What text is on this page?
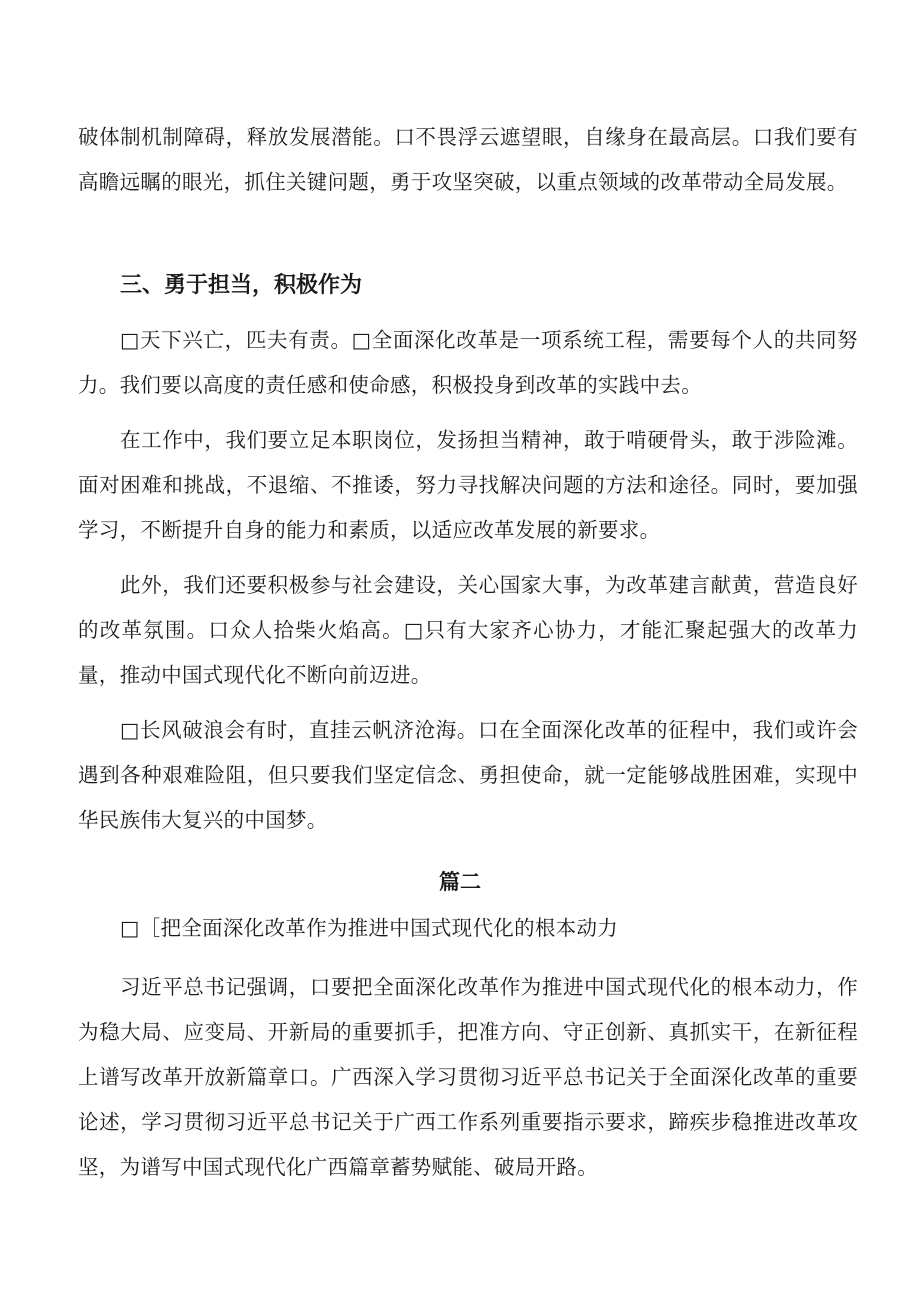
破体制机制障碍，释放发展潜能。口不畏浮云遮望眼，自缘身在最高层。口我们要有高瞻远瞩的眼光，抓住关键问题，勇于攻坚突破，以重点领域的改革带动全局发展。

三、勇于担当，积极作为

□天下兴亡，匹夫有责。□全面深化改革是一项系统工程，需要每个人的共同努力。我们要以高度的责任感和使命感，积极投身到改革的实践中去。

在工作中，我们要立足本职岗位，发扬担当精神，敢于啃硬骨头，敢于涉险滩。面对困难和挑战，不退缩、不推诿，努力寻找解决问题的方法和途径。同时，要加强学习，不断提升自身的能力和素质，以适应改革发展的新要求。

此外，我们还要积极参与社会建设，关心国家大事，为改革建言献黄，营造良好的改革氛围。口众人拾柴火焰高。□只有大家齐心协力，才能汇聚起强大的改革力量，推动中国式现代化不断向前迈进。

□长风破浪会有时，直挂云帆济沧海。口在全面深化改革的征程中，我们或许会遇到各种艰难险阻，但只要我们坚定信念、勇担使命，就一定能够战胜困难，实现中华民族伟大复兴的中国梦。

篇二

□［把全面深化改革作为推进中国式现代化的根本动力

习近平总书记强调，口要把全面深化改革作为推进中国式现代化的根本动力，作为稳大局、应变局、开新局的重要抓手，把准方向、守正创新、真抓实干，在新征程上谱写改革开放新篇章口。广西深入学习贯彻习近平总书记关于全面深化改革的重要论述，学习贯彻习近平总书记关于广西工作系列重要指示要求，蹄疾步稳推进改革攻坚，为谱写中国式现代化广西篇章蓄势赋能、破局开路。
